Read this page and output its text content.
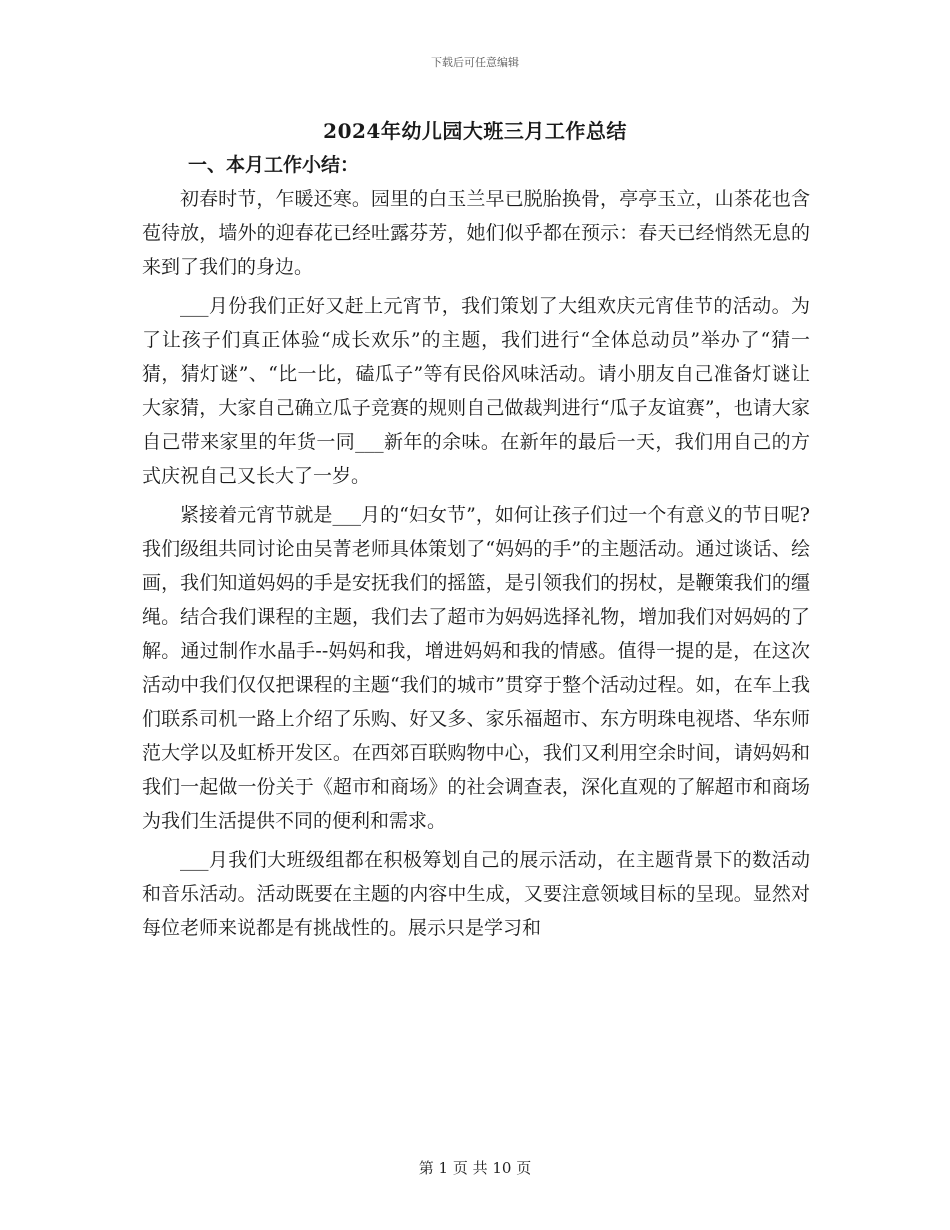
下载后可任意编辑
2024年幼儿园大班三月工作总结
一、本月工作小结：

初春时节，乍暖还寒。园里的白玉兰早已脱胎换骨，亭亭玉立，山茶花也含苞待放，墙外的迎春花已经吐露芬芳，她们似乎都在预示：春天已经悄然无息的来到了我们的身边。

___月份我们正好又赶上元宵节，我们策划了大组欢庆元宵佳节的活动。为了让孩子们真正体验“成长欢乐”的主题，我们进行“全体总动员”举办了“猜一猜，猜灯谜”、“比一比，磕瓜子”等有民俗风味活动。请小朋友自己准备灯谜让大家猜，大家自己确立瓜子竞赛的规则自己做裁判进行“瓜子友谊赛”，也请大家自己带来家里的年货一同___新年的余味。在新年的最后一天，我们用自己的方式庆祝自己又长大了一岁。

紧接着元宵节就是___月的“妇女节”，如何让孩子们过一个有意义的节日呢?我们级组共同讨论由吴菁老师具体策划了“妈妈的手”的主题活动。通过谈话、绘画，我们知道妈妈的手是安抚我们的摇篮，是引领我们的拐杖，是鞭策我们的缰绳。结合我们课程的主题，我们去了超市为妈妈选择礼物，增加我们对妈妈的了解。通过制作水晶手--妈妈和我，增进妈妈和我的情感。值得一提的是，在这次活动中我们仅仅把课程的主题“我们的城市”贯穿于整个活动过程。如，在车上我们联系司机一路上介绍了乐购、好又多、家乐福超市、东方明珠电视塔、华东师范大学以及虹桥开发区。在西郊百联购物中心，我们又利用空余时间，请妈妈和我们一起做一份关于《超市和商场》的社会调查表，深化直观的了解超市和商场为我们生活提供不同的便利和需求。

___月我们大班级组都在积极筹划自己的展示活动，在主题背景下的数活动和音乐活动。活动既要在主题的内容中生成，又要注意领域目标的呈现。显然对每位老师来说都是有挑战性的。展示只是学习和

第 1 页 共 10 页
